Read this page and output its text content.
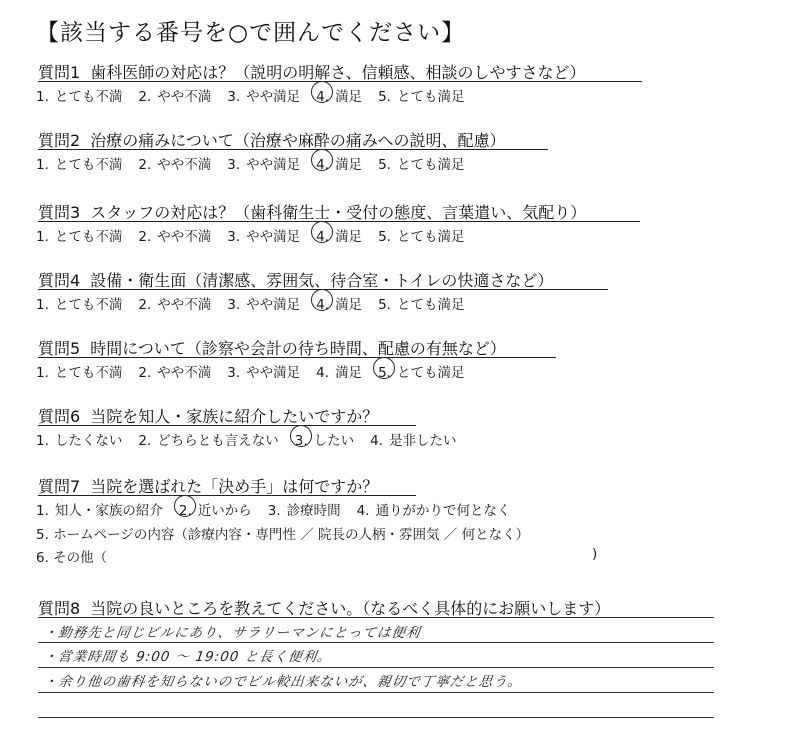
【該当する番号を○で囲んでください】
質問1 歯科医師の対応は？（説明の明解さ、信頼感、相談のしやすさなど）
1. とても不満 2. やや不満 3. やや満足 4. 満足 5. とても満足
質問2 治療の痛みについて（治療や麻酔の痛みへの説明、配慮）
1. とても不満 2. やや不満 3. やや満足 4. 満足 5. とても満足
質問3 スタッフの対応は？（歯科衛生士・受付の態度、言葉遣い、気配り）
1. とても不満 2. やや不満 3. やや満足 4. 満足 5. とても満足
質問4 設備・衛生面（清潔感、雰囲気、待合室・トイレの快適さなど）
1. とても不満 2. やや不満 3. やや満足 4. 満足 5. とても満足
質問5 時間について（診察や会計の待ち時間、配慮の有無など）
1. とても不満 2. やや不満 3. やや満足 4. 満足 5. とても満足
質問6 当院を知人・家族に紹介したいですか？
1. したくない 2. どちらとも言えない 3. したい 4. 是非したい
質問7 当院を選ばれた「決め手」は何ですか？
1. 知人・家族の紹介 2. 近いから 3. 診療時間 4. 通りがかりで何となく
5. ホームページの内容（診療内容・専門性 ／ 院長の人柄・雰囲気 ／ 何となく）
6. その他（	)
質問8 当院の良いところを教えてください。（なるべく具体的にお願いします）
・勤務先と同じビルにあり、サラリーマンにとっては便利
・営業時間も 9:00 ～ 19:00 と長く便利。
・余り他の歯科を知らないのでビル較出来ないが、親切で丁寧だと思う。
